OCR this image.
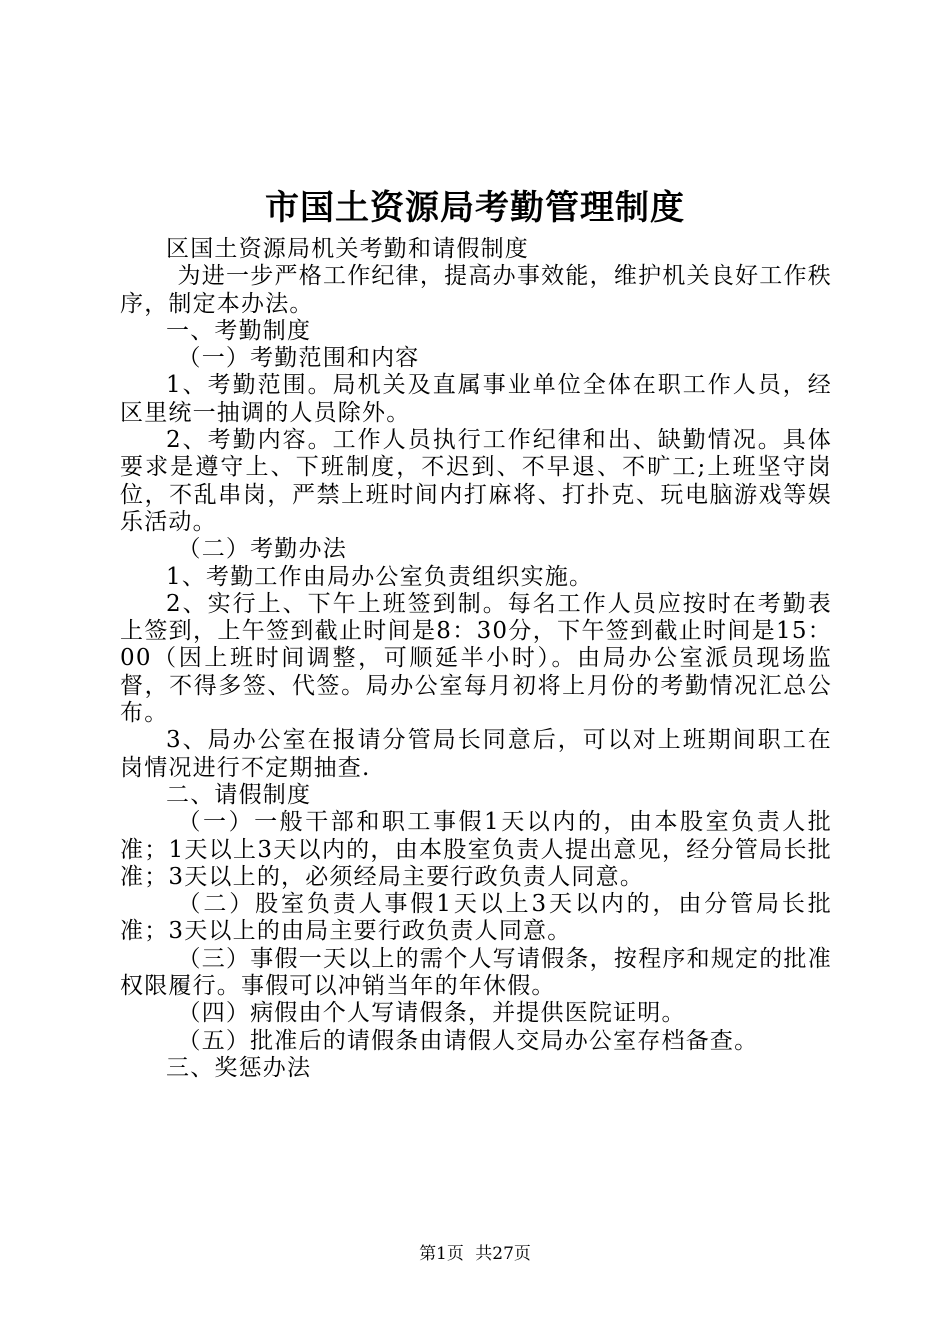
市国土资源局考勤管理制度

区国土资源局机关考勤和请假制度

为进一步严格工作纪律，提高办事效能，维护机关良好工作秩序，制定本办法。

一、考勤制度

（一）考勤范围和内容

1、考勤范围。局机关及直属事业单位全体在职工作人员，经区里统一抽调的人员除外。

2、考勤内容。工作人员执行工作纪律和出、缺勤情况。具体要求是遵守上、下班制度，不迟到、不早退、不旷工;上班坚守岗位，不乱串岗，严禁上班时间内打麻将、打扑克、玩电脑游戏等娱乐活动。

（二）考勤办法

1、考勤工作由局办公室负责组织实施。

2、实行上、下午上班签到制。每名工作人员应按时在考勤表上签到，上午签到截止时间是8：30分，下午签到截止时间是15：00（因上班时间调整，可顺延半小时）。由局办公室派员现场监督，不得多签、代签。局办公室每月初将上月份的考勤情况汇总公布。

3、局办公室在报请分管局长同意后，可以对上班期间职工在岗情况进行不定期抽查.

二、请假制度

（一）一般干部和职工事假1天以内的，由本股室负责人批准；1天以上3天以内的，由本股室负责人提出意见，经分管局长批准；3天以上的，必须经局主要行政负责人同意。

（二）股室负责人事假1天以上3天以内的，由分管局长批准；3天以上的由局主要行政负责人同意。

（三）事假一天以上的需个人写请假条，按程序和规定的批准权限履行。事假可以冲销当年的年休假。

（四）病假由个人写请假条，并提供医院证明。

（五）批准后的请假条由请假人交局办公室存档备查。

三、奖惩办法

第1页 共27页
